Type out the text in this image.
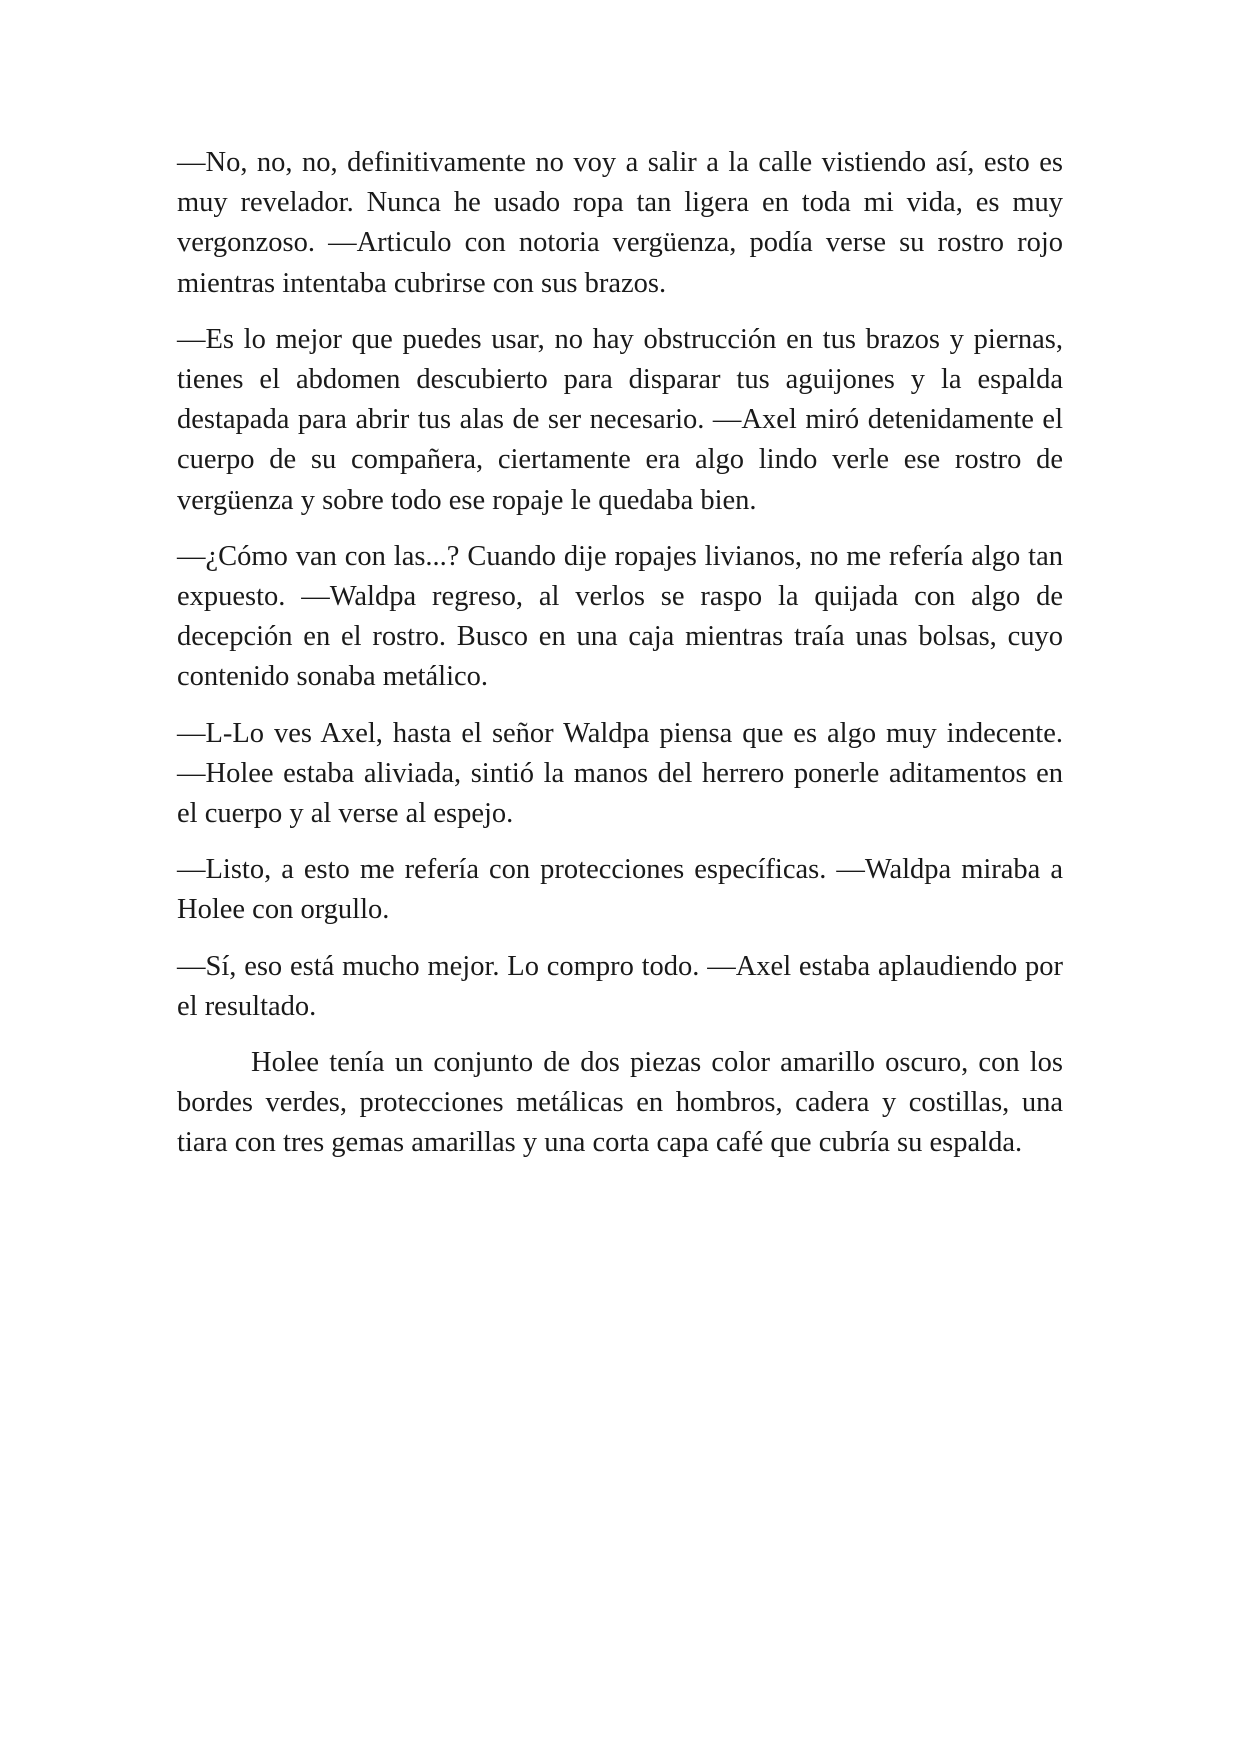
—No, no, no, definitivamente no voy a salir a la calle vistiendo así, esto es muy revelador. Nunca he usado ropa tan ligera en toda mi vida, es muy vergonzoso. —Articulo con notoria vergüenza, podía verse su rostro rojo mientras intentaba cubrirse con sus brazos.

—Es lo mejor que puedes usar, no hay obstrucción en tus brazos y piernas, tienes el abdomen descubierto para disparar tus aguijones y la espalda destapada para abrir tus alas de ser necesario. —Axel miró detenidamente el cuerpo de su compañera, ciertamente era algo lindo verle ese rostro de vergüenza y sobre todo ese ropaje le quedaba bien.

—¿Cómo van con las...? Cuando dije ropajes livianos, no me refería algo tan expuesto. —Waldpa regreso, al verlos se raspo la quijada con algo de decepción en el rostro. Busco en una caja mientras traía unas bolsas, cuyo contenido sonaba metálico.

—L-Lo ves Axel, hasta el señor Waldpa piensa que es algo muy indecente. —Holee estaba aliviada, sintió la manos del herrero ponerle aditamentos en el cuerpo y al verse al espejo.

—Listo, a esto me refería con protecciones específicas. —Waldpa miraba a Holee con orgullo.

—Sí, eso está mucho mejor. Lo compro todo. —Axel estaba aplaudiendo por el resultado.

Holee tenía un conjunto de dos piezas color amarillo oscuro, con los bordes verdes, protecciones metálicas en hombros, cadera y costillas, una tiara con tres gemas amarillas y una corta capa café que cubría su espalda.
